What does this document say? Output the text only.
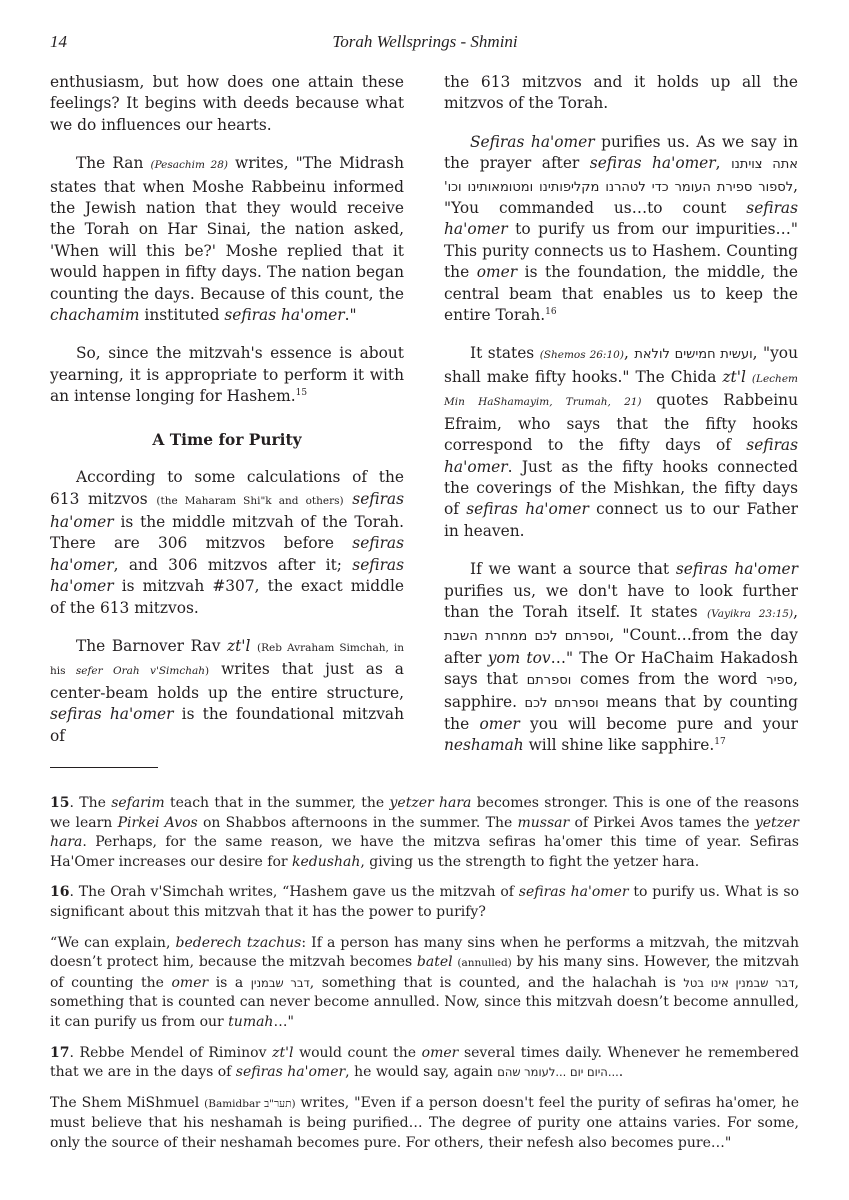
14	Torah Wellsprings - Shmini

enthusiasm, but how does one attain these feelings? It begins with deeds because what we do influences our hearts.

The Ran (Pesachim 28) writes, "The Midrash states that when Moshe Rabbeinu informed the Jewish nation that they would receive the Torah on Har Sinai, the nation asked, 'When will this be?' Moshe replied that it would happen in fifty days. The nation began counting the days. Because of this count, the chachamim instituted sefiras ha'omer."

So, since the mitzvah's essence is about yearning, it is appropriate to perform it with an intense longing for Hashem.$^{15}$

A Time for Purity

According to some calculations of the 613 mitzvos (the Maharam Shi"k and others) sefiras ha'omer is the middle mitzvah of the Torah. There are 306 mitzvos before sefiras ha'omer, and 306 mitzvos after it; sefiras ha'omer is mitzvah #307, the exact middle of the 613 mitzvos.

The Barnover Rav zt'l (Reb Avraham Simchah, in his sefer Orah v'Simchah) writes that just as a center-beam holds up the entire structure, sefiras ha'omer is the foundational mitzvah of

the 613 mitzvos and it holds up all the mitzvos of the Torah.

Sefiras ha'omer purifies us. As we say in the prayer after sefiras ha'omer, אתה צויתנו לספור ספירת העומר כדי לטהרנו מקליפותינו ומטומאותינו וכו', "You commanded us…to count sefiras ha'omer to purify us from our impurities…" This purity connects us to Hashem. Counting the omer is the foundation, the middle, the central beam that enables us to keep the entire Torah.$^{16}$

It states (Shemos 26:10), ועשית חמישים לולאת, "you shall make fifty hooks." The Chida zt'l (Lechem Min HaShamayim, Trumah, 21) quotes Rabbeinu Efraim, who says that the fifty hooks correspond to the fifty days of sefiras ha'omer. Just as the fifty hooks connected the coverings of the Mishkan, the fifty days of sefiras ha'omer connect us to our Father in heaven.

If we want a source that sefiras ha'omer purifies us, we don't have to look further than the Torah itself. It states (Vayikra 23:15), וספרתם לכם ממחרת השבת, "Count…from the day after yom tov…" The Or HaChaim Hakadosh says that וספרתם comes from the word ספיר, sapphire. וספרתם לכם means that by counting the omer you will become pure and your neshamah will shine like sapphire.$^{17}$

15. The sefarim teach that in the summer, the yetzer hara becomes stronger. This is one of the reasons we learn Pirkei Avos on Shabbos afternoons in the summer. The mussar of Pirkei Avos tames the yetzer hara. Perhaps, for the same reason, we have the mitzva sefiras ha'omer this time of year. Sefiras Ha'Omer increases our desire for kedushah, giving us the strength to fight the yetzer hara.

16. The Orah v'Simchah writes, “Hashem gave us the mitzvah of sefiras ha'omer to purify us. What is so significant about this mitzvah that it has the power to purify?

“We can explain, bederech tzachus: If a person has many sins when he performs a mitzvah, the mitzvah doesn’t protect him, because the mitzvah becomes batel (annulled) by his many sins. However, the mitzvah of counting the omer is a דבר שבמנין, something that is counted, and the halachah is דבר שבמנין אינו בטל, something that is counted can never become annulled. Now, since this mitzvah doesn’t become annulled, it can purify us from our tumah…"

17. Rebbe Mendel of Riminov zt'l would count the omer several times daily. Whenever he remembered that we are in the days of sefiras ha'omer, he would say, again ...היום יום ...לעומר שהם.

The Shem MiShmuel (Bamidbar תער"ב) writes, "Even if a person doesn't feel the purity of sefiras ha'omer, he must believe that his neshamah is being purified… The degree of purity one attains varies. For some, only the source of their neshamah becomes pure. For others, their nefesh also becomes pure…"
